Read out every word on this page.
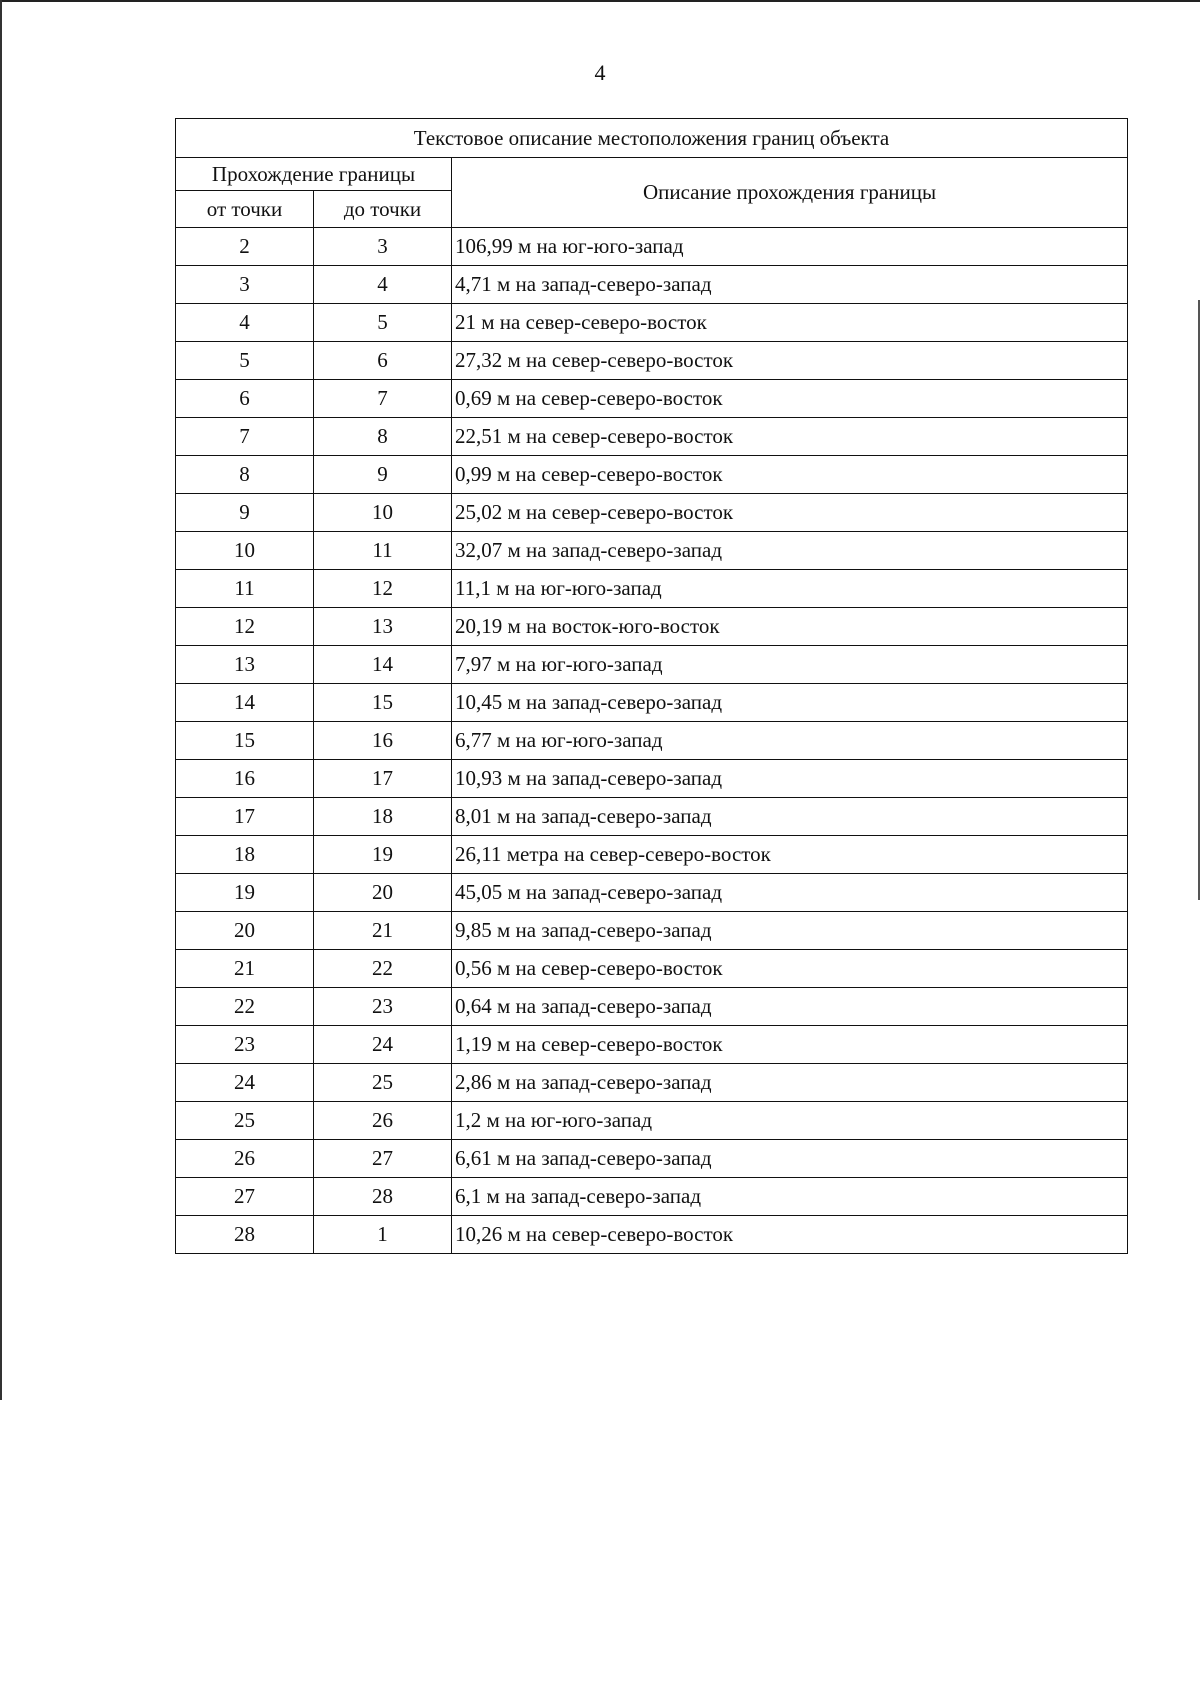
4
Текстовое описание местоположения границ объекта		
Прохождение границы		Описание прохождения границы
от точки	до точки	
2	3	106,99 м на юг-юго-запад
3	4	4,71 м на запад-северо-запад
4	5	21 м на север-северо-восток
5	6	27,32 м на север-северо-восток
6	7	0,69 м на север-северо-восток
7	8	22,51 м на север-северо-восток
8	9	0,99 м на север-северо-восток
9	10	25,02 м на север-северо-восток
10	11	32,07 м на запад-северо-запад
11	12	11,1 м на юг-юго-запад
12	13	20,19 м на восток-юго-восток
13	14	7,97 м на юг-юго-запад
14	15	10,45 м на запад-северо-запад
15	16	6,77 м на юг-юго-запад
16	17	10,93 м на запад-северо-запад
17	18	8,01 м на запад-северо-запад
18	19	26,11 метра на север-северо-восток
19	20	45,05 м на запад-северо-запад
20	21	9,85 м на запад-северо-запад
21	22	0,56 м на север-северо-восток
22	23	0,64 м на запад-северо-запад
23	24	1,19 м на север-северо-восток
24	25	2,86 м на запад-северо-запад
25	26	1,2 м на юг-юго-запад
26	27	6,61 м на запад-северо-запад
27	28	6,1 м на запад-северо-запад
28	1	10,26 м на север-северо-восток
